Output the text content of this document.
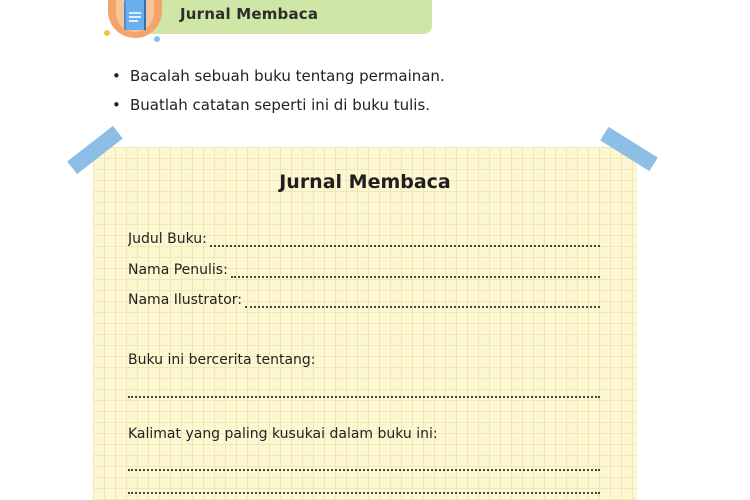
Jurnal Membaca
• Bacalah sebuah buku tentang permainan.
• Buatlah catatan seperti ini di buku tulis.
Jurnal Membaca
Judul Buku:
Nama Penulis:
Nama Ilustrator:
Buku ini bercerita tentang:
Kalimat yang paling kusukai dalam buku ini:
